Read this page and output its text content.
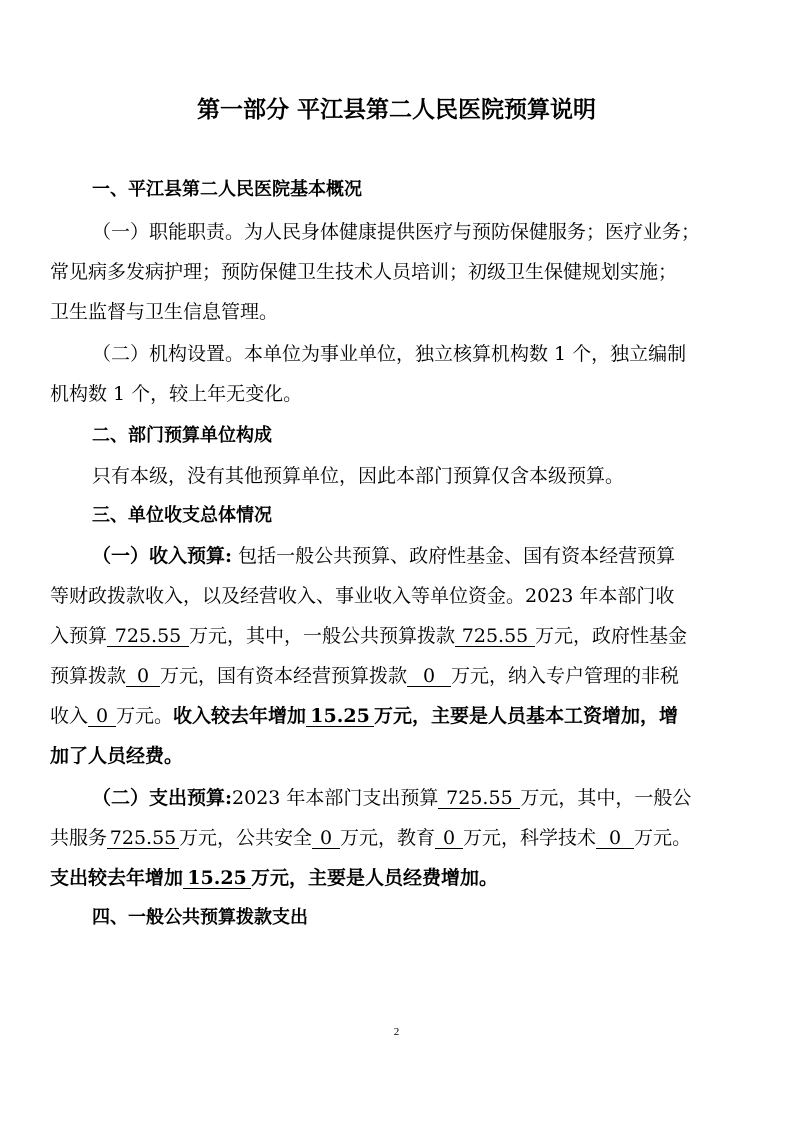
第一部分 平江县第二人民医院预算说明
一、平江县第二人民医院基本概况
（一）职能职责。为人民身体健康提供医疗与预防保健服务；医疗业务；
常见病多发病护理；预防保健卫生技术人员培训；初级卫生保健规划实施；
卫生监督与卫生信息管理。
（二）机构设置。本单位为事业单位，独立核算机构数 1 个，独立编制
机构数 1 个，较上年无变化。
二、部门预算单位构成
只有本级，没有其他预算单位，因此本部门预算仅含本级预算。
三、单位收支总体情况
（一）收入预算: 包括一般公共预算、政府性基金、国有资本经营预算
等财政拨款收入，以及经营收入、事业收入等单位资金。2023 年本部门收
入预算 725.55 万元，其中，一般公共预算拨款 725.55 万元，政府性基金
预算拨款 0 万元，国有资本经营预算拨款 0 万元，纳入专户管理的非税
收入 0 万元。收入较去年增加 15.25 万元，主要是人员基本工资增加，增
加了人员经费。
（二）支出预算:2023 年本部门支出预算 725.55 万元，其中，一般公
共服务 725.55 万元，公共安全 0 万元，教育 0 万元，科学技术 0 万元。
支出较去年增加 15.25 万元，主要是人员经费增加。
四、一般公共预算拨款支出
2
